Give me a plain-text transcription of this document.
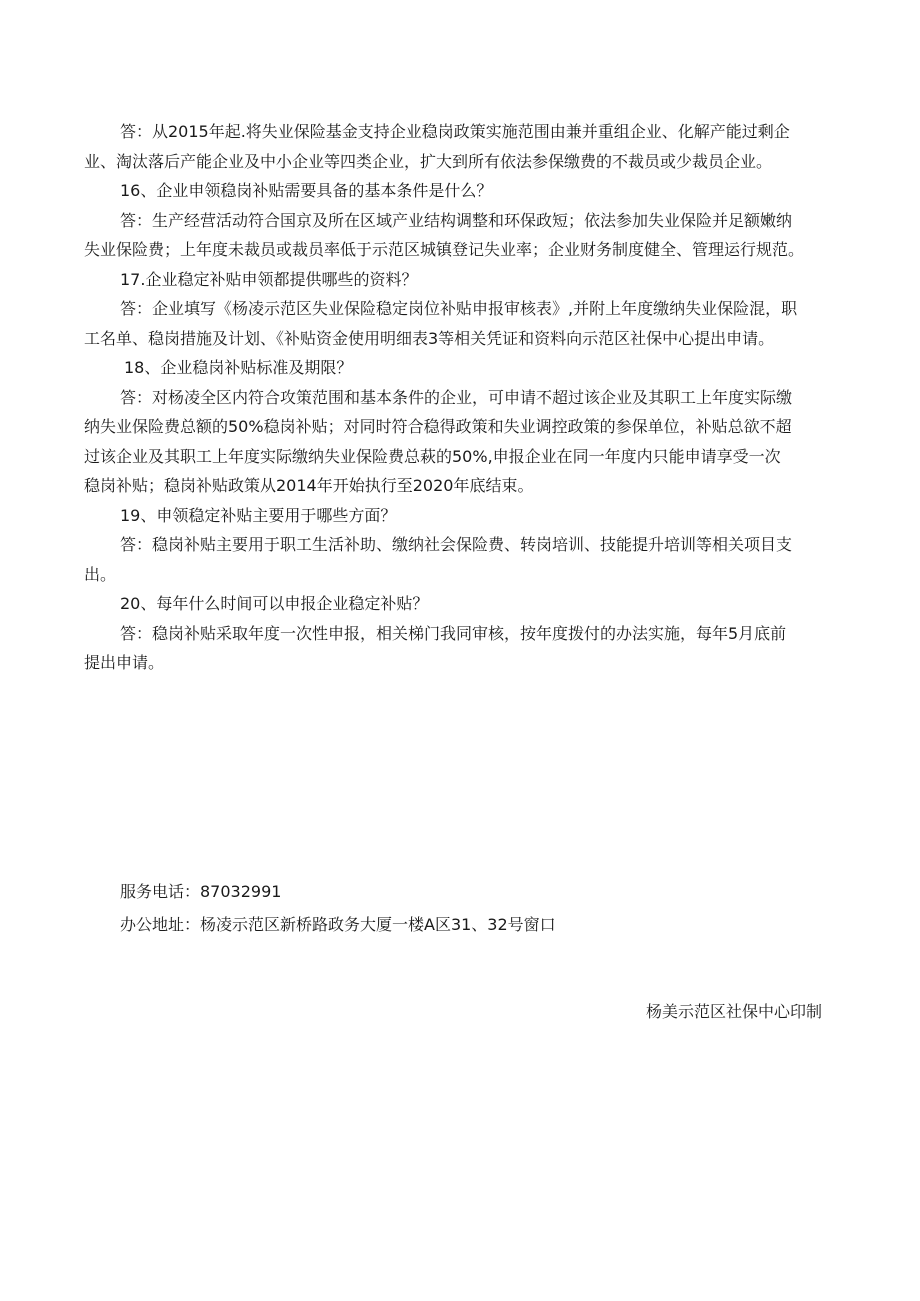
答：从2015年起.将失业保险基金支持企业稳岗政策实施范围由兼并重组企业、化解产能过剩企
业、淘汰落后产能企业及中小企业等四类企业，扩大到所有依法参保缴费的不裁员或少裁员企业。
16、企业申领稳岗补贴需要具备的基本条件是什么？
答：生产经营活动符合国京及所在区域产业结构调整和环保政短；依法参加失业保险并足额嫩纳
失业保险费；上年度未裁员或裁员率低于示范区城镇登记失业率；企业财务制度健全、管理运行规范。
17.企业稳定补贴申领都提供哪些的资料？
答：企业填写《杨凌示范区失业保险稳定岗位补贴申报审核表》,并附上年度缴纳失业保险混，职
工名单、稳岗措施及计划、《补贴资金使用明细表3等相关凭证和资料向示范区社保中心提出申请。
18、企业稳岗补贴标准及期限？
答：对杨凌全区内符合攻策范围和基本条件的企业，可申请不超过该企业及其职工上年度实际缴
纳失业保险费总额的50%稳岗补贴；对同时符合稳得政策和失业调控政策的参保单位，补贴总欲不超
过该企业及其职工上年度实际缴纳失业保险费总萩的50%,申报企业在同一年度内只能申请享受一次
稳岗补贴；稳岗补贴政策从2014年开始执行至2020年底结束。
19、申领稳定补贴主要用于哪些方面？
答：稳岗补贴主要用于职工生活补助、缴纳社会保险费、转岗培训、技能提升培训等相关项目支
出。
20、每年什么时间可以申报企业稳定补贴？
答：稳岗补贴采取年度一次性申报，相关梯门我同审核，按年度拨付的办法实施，每年5月底前
提出申请。
服务电话：87032991
办公地址：杨凌示范区新桥路政务大厦一楼A区31、32号窗口
杨美示范区社保中心印制
